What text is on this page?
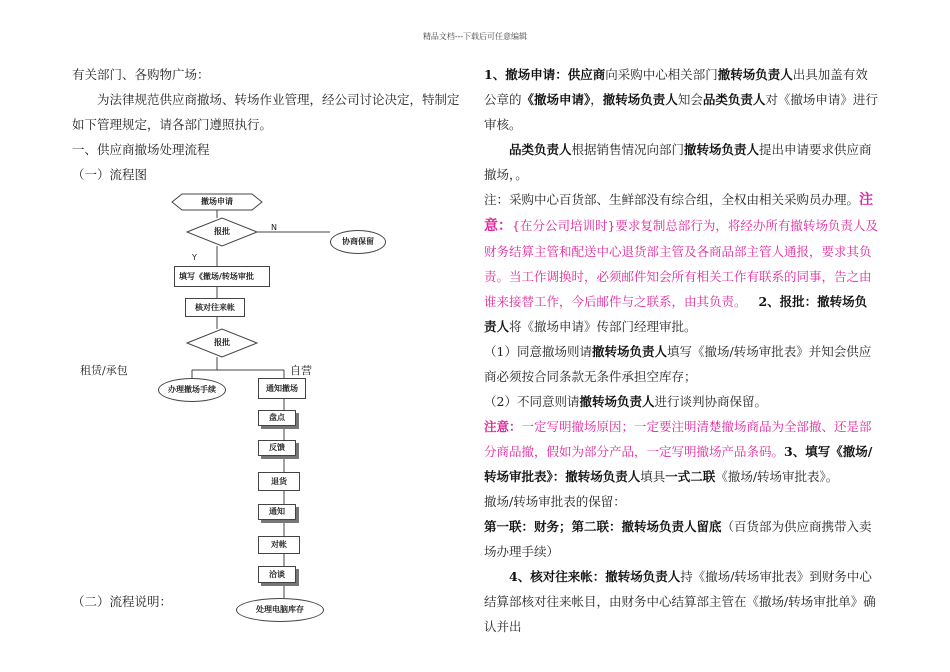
精品文档---下载后可任意编辑

有关部门、各购物广场：

为法律规范供应商撤场、转场作业管理，经公司讨论决定，特制定如下管理规定，请各部门遵照执行。

一、供应商撤场处理流程

（一）流程图

（二）流程说明：
撤场申请
报批	N
Y
协商保留
填写《撤场/转场审批
核对往来帐
报批
租赁/承包	自营
办理撤场手续	通知撤场
盘点
反馈
退货
通知
对帐
洽谈
处理电脑库存

1、撤场申请：供应商向采购中心相关部门撤转场负责人出具加盖有效公章的《撤场申请》，撤转场负责人知会品类负责人对《撤场申请》进行审核。

品类负责人根据销售情况向部门撤转场负责人提出申请要求供应商撤场，。

注：采购中心百货部、生鲜部没有综合组，全权由相关采购员办理。注意：{在分公司培训时}要求复制总部行为，将经办所有撤转场负责人及财务结算主管和配送中心退货部主管及各商品部主管人通报，要求其负责。当工作调换时，必须邮件知会所有相关工作有联系的同事，告之由谁来接替工作，今后邮件与之联系，由其负责。 2、报批：撤转场负责人将《撤场申请》传部门经理审批。

（1）同意撤场则请撤转场负责人填写《撤场/转场审批表》并知会供应商必须按合同条款无条件承担空库存；

（2）不同意则请撤转场负责人进行谈判协商保留。

注意：一定写明撤场原因；一定要注明清楚撤场商品为全部撤、还是部分商品撤，假如为部分产品，一定写明撤场产品条码。3、填写《撤场/转场审批表》：撤转场负责人填具一式二联《撤场/转场审批表》。

撤场/转场审批表的保留：

第一联：财务；第二联：撤转场负责人留底（百货部为供应商携带入卖场办理手续）

4、核对往来帐：撤转场负责人持《撤场/转场审批表》到财务中心结算部核对往来帐目，由财务中心结算部主管在《撤场/转场审批单》确认并出
